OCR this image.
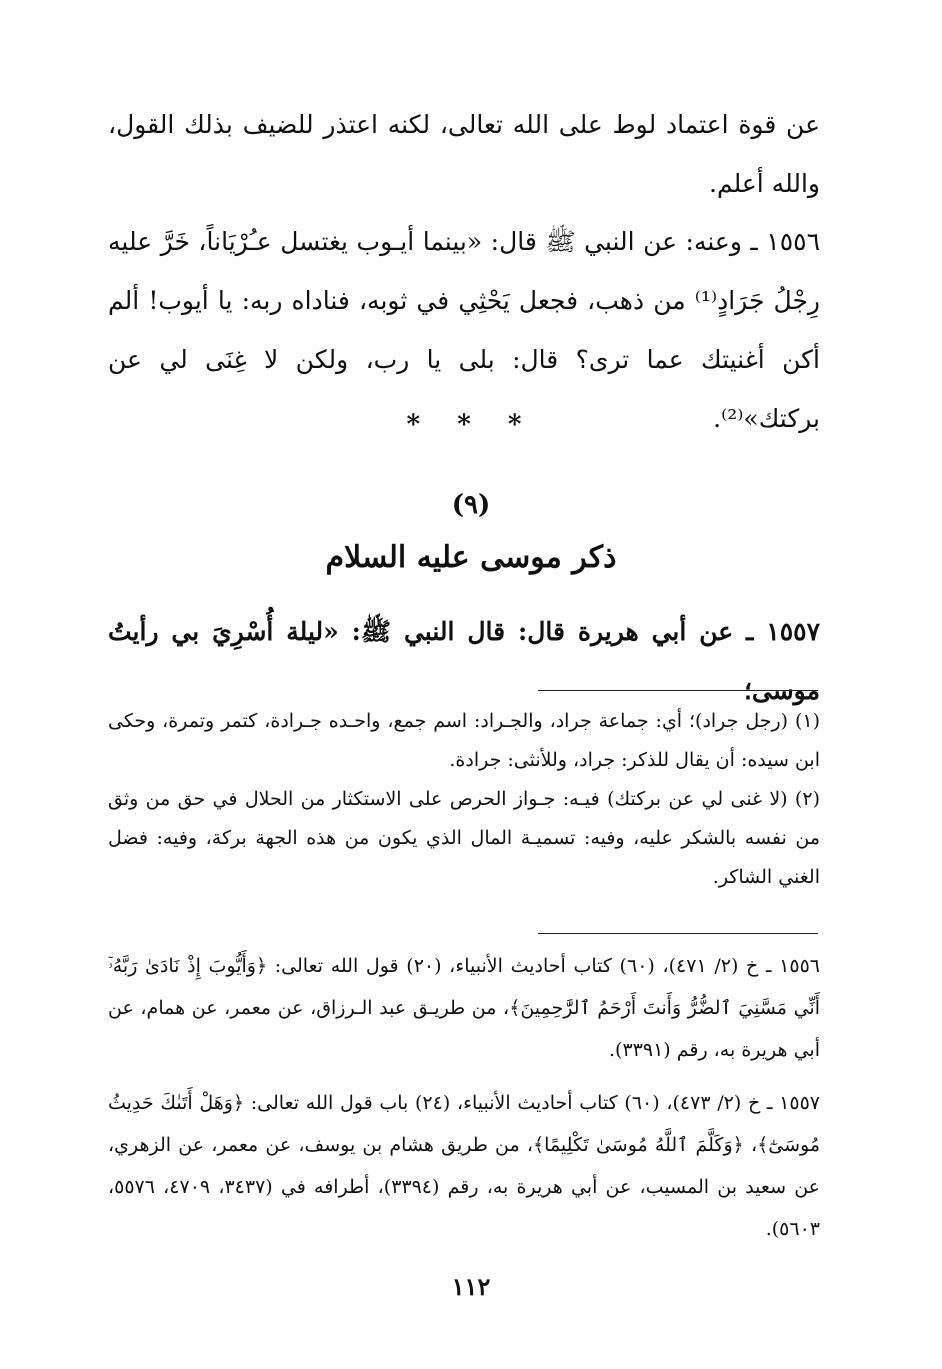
عن قوة اعتماد لوط على الله تعالى، لكنه اعتذر للضيف بذلك القول، والله أعلم.
١٥٥٦ ـ وعنه: عن النبي ﷺ قال: «بينما أيـوب يغتسل عـُرْيَاناً، خَرَّ عليه رِجْلُ جَرَادٍ⁽¹⁾ من ذهب، فجعل يَحْثِي في ثوبه، فناداه ربه: يا أيوب! ألم أكن أغنيتك عما ترى؟ قال: بلى يا رب، ولكن لا غِنَى لي عن بركتك»⁽²⁾.
* * *
(٩)
ذكر موسى عليه السلام
١٥٥٧ ـ عن أبي هريرة قال: قال النبي ﷺ: «ليلة أُسْرِيَ بي رأيتُ موسى؛
(١) (رجل جراد)؛ أي: جماعة جراد، والجـراد: اسم جمع، واحـده جـرادة، كتمر وتمرة، وحكى ابن سيده: أن يقال للذكر: جراد، وللأنثى: جرادة.
(٢) (لا غنى لي عن بركتك) فيـه: جـواز الحرص على الاستكثار من الحلال في حق من وثق من نفسه بالشكر عليه، وفيه: تسميـة المال الذي يكون من هذه الجهة بركة، وفيه: فضل الغني الشاكر.
١٥٥٦ ـ خ (٢/ ٤٧١)، (٦٠) كتاب أحاديث الأنبياء، (٢٠) قول الله تعالى: ﴿وَأَيُّوبَ إِذْ نَادَىٰ رَبَّهُۥٓ أَنِّي مَسَّنِيَ ٱلضُّرُّ وَأَنتَ أَرْحَمُ ٱلرَّٰحِمِينَ﴾، من طريـق عبد الـرزاق، عن معمر، عن همام، عن أبي هريرة به، رقم (٣٣٩١).
١٥٥٧ ـ خ (٢/ ٤٧٣)، (٦٠) كتاب أحاديث الأنبياء، (٢٤) باب قول الله تعالى: ﴿وَهَلْ أَتَىٰكَ حَدِيثُ مُوسَىٰٓ﴾، ﴿وَكَلَّمَ ٱللَّهُ مُوسَىٰ تَكْلِيمًا﴾، من طريق هشام بن يوسف، عن معمر، عن الزهري، عن سعيد بن المسيب، عن أبي هريرة به، رقم (٣٣٩٤)، أطرافه في (٣٤٣٧، ٤٧٠٩، ٥٥٧٦، ٥٦٠٣).
١١٢
